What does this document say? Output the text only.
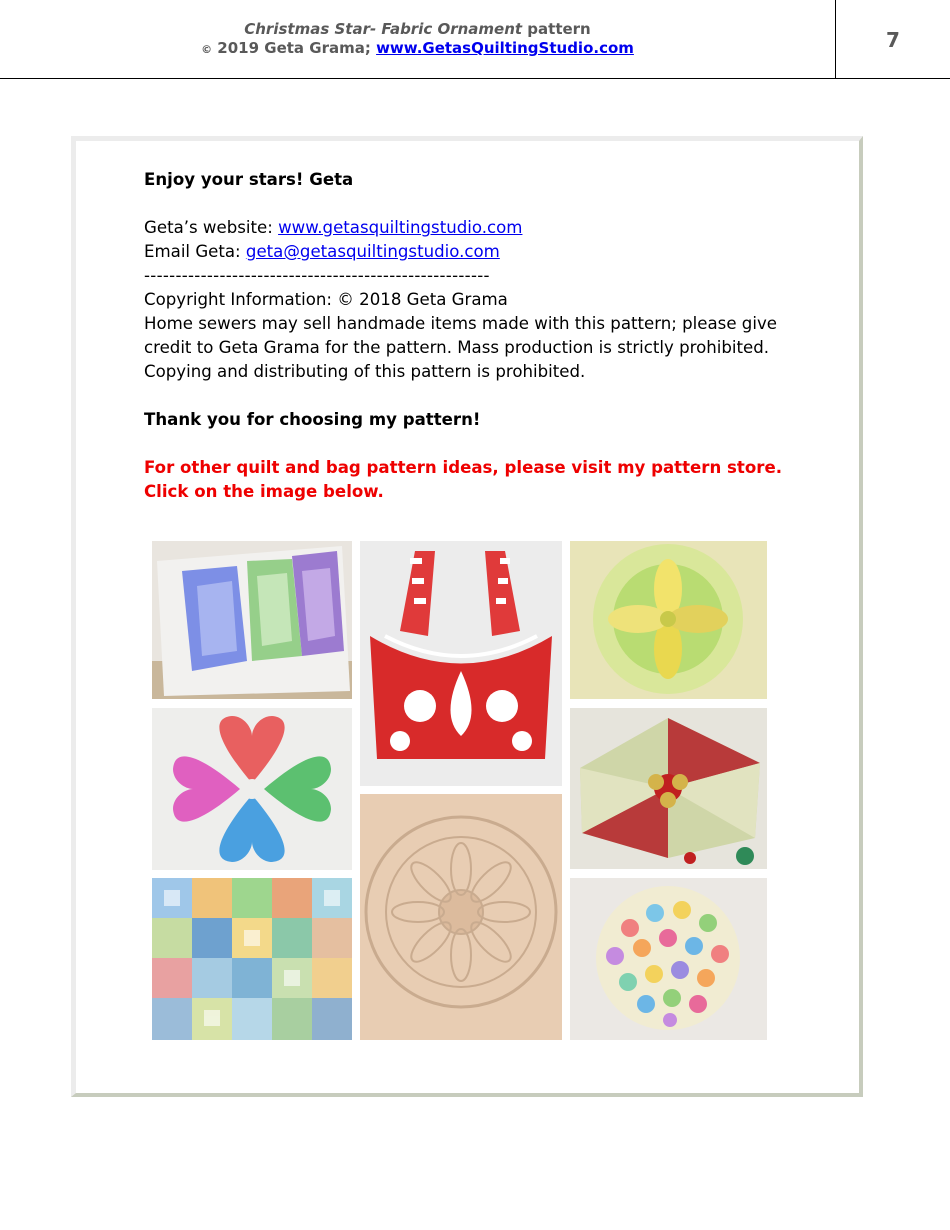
Christmas Star- Fabric Ornament pattern
© 2019 Geta Grama; www.GetasQuiltingStudio.com	7

Enjoy your stars! Geta

Geta’s website: www.getasquiltingstudio.com

Email Geta: geta@getasquiltingstudio.com

-------------------------------------------------------

Copyright Information: © 2018 Geta Grama

Home sewers may sell handmade items made with this pattern; please give credit to Geta Grama for the pattern. Mass production is strictly prohibited. Copying and distributing of this pattern is prohibited.

Thank you for choosing my pattern!

For other quilt and bag pattern ideas, please visit my pattern store.
Click on the image below.
